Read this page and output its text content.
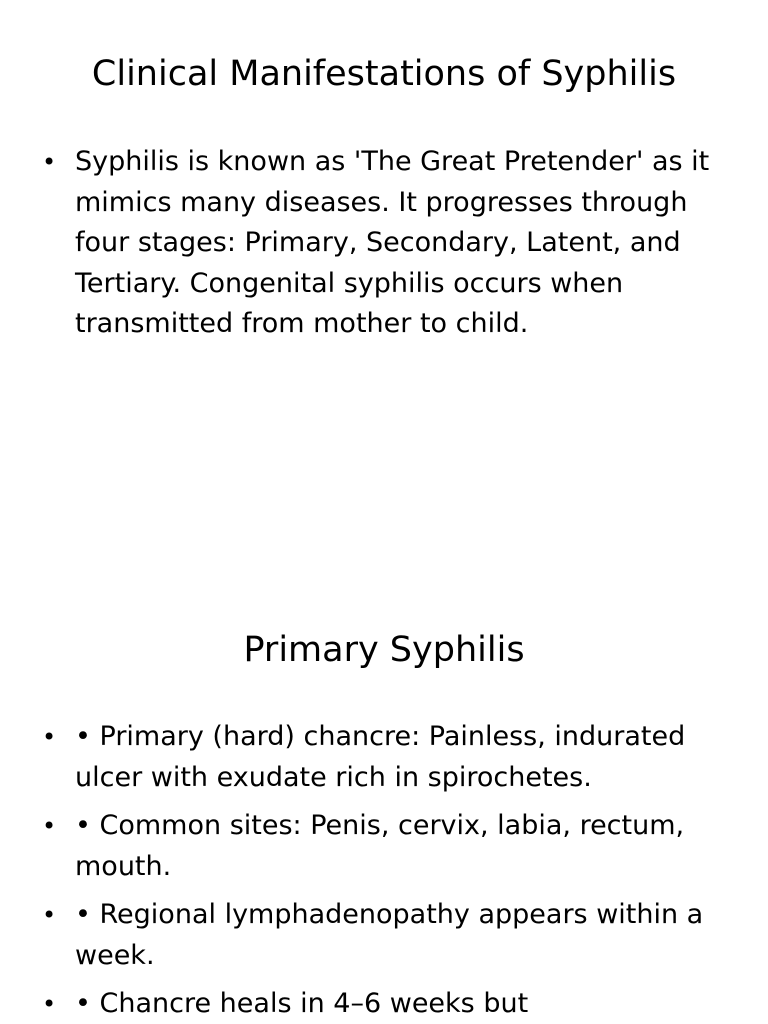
Clinical Manifestations of Syphilis
• Syphilis is known as 'The Great Pretender' as it mimics many diseases. It progresses through four stages: Primary, Secondary, Latent, and Tertiary. Congenital syphilis occurs when transmitted from mother to child.
Primary Syphilis
• • Primary (hard) chancre: Painless, indurated ulcer with exudate rich in spirochetes.
• • Common sites: Penis, cervix, labia, rectum, mouth.
• • Regional lymphadenopathy appears within a week.
• • Chancre heals in 4–6 weeks but
